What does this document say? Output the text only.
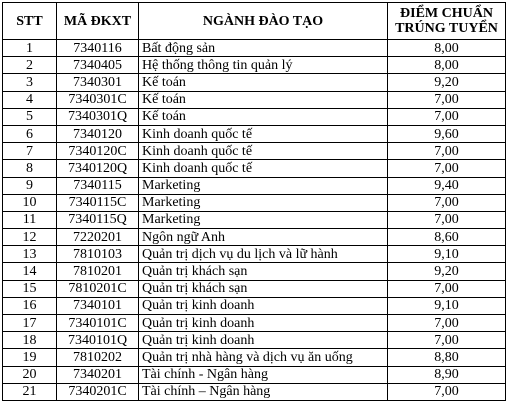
STT	MÃ ĐKXT	NGÀNH ĐÀO TẠO	ĐIỂM CHUẨN
TRÚNG TUYỂN

1	7340116	Bất động sản	8,00
2	7340405	Hệ thống thông tin quản lý	8,00
3	7340301	Kế toán	9,20
4	7340301C	Kế toán	7,00
5	7340301Q	Kế toán	7,00
6	7340120	Kinh doanh quốc tế	9,60
7	7340120C	Kinh doanh quốc tế	7,00
8	7340120Q	Kinh doanh quốc tế	7,00
9	7340115	Marketing	9,40
10	7340115C	Marketing	7,00
11	7340115Q	Marketing	7,00
12	7220201	Ngôn ngữ Anh	8,60
13	7810103	Quản trị dịch vụ du lịch và lữ hành	9,10
14	7810201	Quản trị khách sạn	9,20
15	7810201C	Quản trị khách sạn	7,00
16	7340101	Quản trị kinh doanh	9,10
17	7340101C	Quản trị kinh doanh	7,00
18	7340101Q	Quản trị kinh doanh	7,00
19	7810202	Quản trị nhà hàng và dịch vụ ăn uống	8,80
20	7340201	Tài chính - Ngân hàng	8,90
21	7340201C	Tài chính – Ngân hàng	7,00
